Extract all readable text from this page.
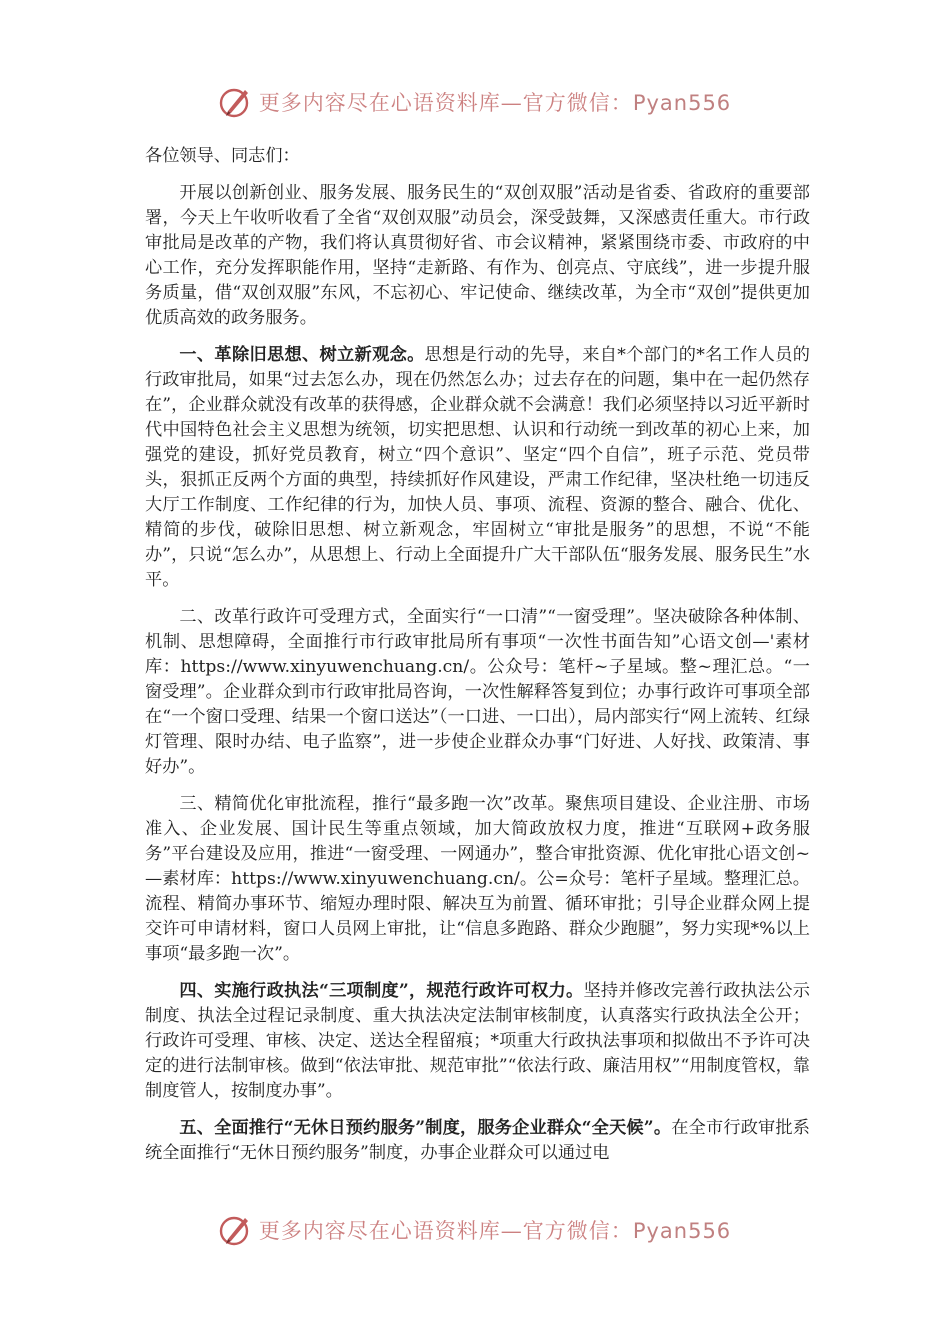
更多内容尽在心语资料库—官方微信：Pyan556

各位领导、同志们：

开展以创新创业、服务发展、服务民生的“双创双服”活动是省委、省政府的重要部署，今天上午收听收看了全省“双创双服”动员会，深受鼓舞，又深感责任重大。市行政审批局是改革的产物，我们将认真贯彻好省、市会议精神，紧紧围绕市委、市政府的中心工作，充分发挥职能作用，坚持“走新路、有作为、创亮点、守底线”，进一步提升服务质量，借“双创双服”东风，不忘初心、牢记使命、继续改革，为全市“双创”提供更加优质高效的政务服务。

一、革除旧思想、树立新观念。思想是行动的先导，来自*个部门的*名工作人员的行政审批局，如果“过去怎么办，现在仍然怎么办；过去存在的问题，集中在一起仍然存在”，企业群众就没有改革的获得感，企业群众就不会满意！我们必须坚持以习近平新时代中国特色社会主义思想为统领，切实把思想、认识和行动统一到改革的初心上来，加强党的建设，抓好党员教育，树立“四个意识”、坚定“四个自信”，班子示范、党员带头，狠抓正反两个方面的典型，持续抓好作风建设，严肃工作纪律，坚决杜绝一切违反大厅工作制度、工作纪律的行为，加快人员、事项、流程、资源的整合、融合、优化、精简的步伐，破除旧思想、树立新观念，牢固树立“审批是服务”的思想，不说“不能办”，只说“怎么办”，从思想上、行动上全面提升广大干部队伍“服务发展、服务民生”水平。

二、改革行政许可受理方式，全面实行“一口清”“一窗受理”。坚决破除各种体制、机制、思想障碍，全面推行市行政审批局所有事项“一次性书面告知”心语文创—'素材库：https://www.xinyuwenchuang.cn/。公众号：笔杆~子星域。整~理汇总。“一窗受理”。企业群众到市行政审批局咨询，一次性解释答复到位；办事行政许可事项全部在“一个窗口受理、结果一个窗口送达”（一口进、一口出），局内部实行“网上流转、红绿灯管理、限时办结、电子监察”，进一步使企业群众办事“门好进、人好找、政策清、事好办”。

三、精简优化审批流程，推行“最多跑一次”改革。聚焦项目建设、企业注册、市场准入、企业发展、国计民生等重点领域，加大简政放权力度，推进“互联网+政务服务”平台建设及应用，推进“一窗受理、一网通办”，整合审批资源、优化审批心语文创~—素材库：https://www.xinyuwenchuang.cn/。公=众号：笔杆子星域。整理汇总。流程、精简办事环节、缩短办理时限、解决互为前置、循环审批；引导企业群众网上提交许可申请材料，窗口人员网上审批，让“信息多跑路、群众少跑腿”，努力实现*%以上事项“最多跑一次”。

四、实施行政执法“三项制度”，规范行政许可权力。坚持并修改完善行政执法公示制度、执法全过程记录制度、重大执法决定法制审核制度，认真落实行政执法全公开；行政许可受理、审核、决定、送达全程留痕；*项重大行政执法事项和拟做出不予许可决定的进行法制审核。做到“依法审批、规范审批”“依法行政、廉洁用权”“用制度管权，靠制度管人，按制度办事”。

五、全面推行“无休日预约服务”制度，服务企业群众“全天候”。在全市行政审批系统全面推行“无休日预约服务”制度，办事企业群众可以通过电

更多内容尽在心语资料库—官方微信：Pyan556
